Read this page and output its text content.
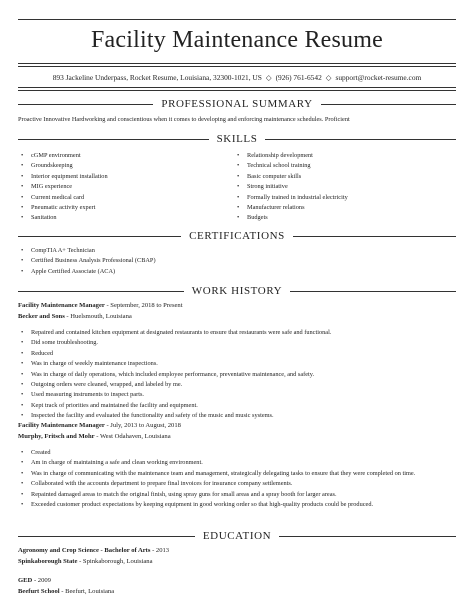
Facility Maintenance Resume
893 Jackeline Underpass, Rocket Resume, Louisiana, 32300-1021, US ◇ (926) 761-6542 ◇ support@rocket-resume.com
PROFESSIONAL SUMMARY
Proactive Innovative Hardworking and conscientious when it comes to developing and enforcing maintenance schedules. Proficient
SKILLS
• cGMP environment
• Groundskeeping
• Interior equipment installation
• MIG experience
• Current medical card
• Pneumatic activity expert
• Sanitation
• Relationship development
• Technical school training
• Basic computer skills
• Strong initiative
• Formally trained in industrial electricity
• Manufacturer relations
• Budgets
CERTIFICATIONS
• CompTIA A+ Technician
• Certified Business Analysis Professional (CBAP)
• Apple Certified Associate (ACA)
WORK HISTORY
Facility Maintenance Manager - September, 2018 to Present
Becker and Sons - Huelsmouth, Louisiana
• Repaired and contained kitchen equipment at designated restaurants to ensure that restaurants were safe and functional.
• Did some troubleshooting.
• Reduced
• Was in charge of weekly maintenance inspections.
• Was in charge of daily operations, which included employee performance, preventative maintenance, and safety.
• Outgoing orders were cleaned, wrapped, and labeled by me.
• Used measuring instruments to inspect parts.
• Kept track of priorities and maintained the facility and equipment.
• Inspected the facility and evaluated the functionality and safety of the music and music systems.
Facility Maintenance Manager - July, 2013 to August, 2018
Murphy, Fritsch and Mohr - West Odahaven, Louisiana
• Created
• Am in charge of maintaining a safe and clean working environment.
• Was in charge of communicating with the maintenance team and management, strategically delegating tasks to ensure that they were completed on time.
• Collaborated with the accounts department to prepare final invoices for insurance company settlements.
• Repainted damaged areas to match the original finish, using spray guns for small areas and a spray booth for larger areas.
• Exceeded customer product expectations by keeping equipment in good working order so that high-quality products could be produced.
EDUCATION
Agronomy and Crop Science - Bachelor of Arts - 2013
Spinkaborough State - Spinkaborough, Louisiana
GED - 2009
Beefurt School - Beefurt, Louisiana
